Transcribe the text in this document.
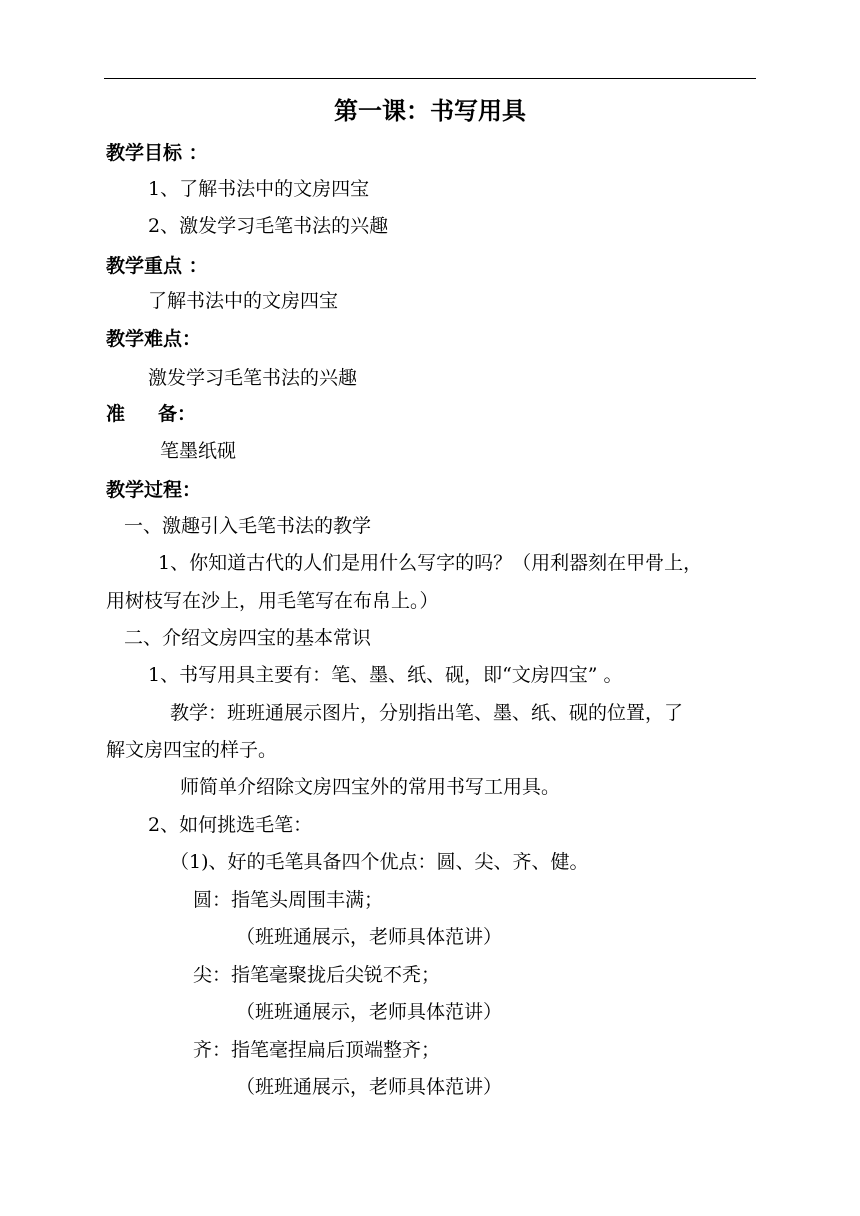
第一课：书写用具
教学目标 ：
1、了解书法中的文房四宝
2、激发学习毛笔书法的兴趣
教学重点 ：
了解书法中的文房四宝
教学难点：
激发学习毛笔书法的兴趣
准 备：
笔墨纸砚
教学过程：
一、激趣引入毛笔书法的教学
1、你知道古代的人们是用什么写字的吗？（用利器刻在甲骨上，
用树枝写在沙上，用毛笔写在布帛上。）
二、介绍文房四宝的基本常识
1、书写用具主要有：笔、墨、纸、砚，即“文房四宝” 。
教学：班班通展示图片，分别指出笔、墨、纸、砚的位置，了
解文房四宝的样子。
师简单介绍除文房四宝外的常用书写工用具。
2、如何挑选毛笔：
（1)、好的毛笔具备四个优点：圆、尖、齐、健。
圆：指笔头周围丰满；
（班班通展示，老师具体范讲）
尖：指笔毫聚拢后尖锐不秃；
（班班通展示，老师具体范讲）
齐：指笔毫捏扁后顶端整齐；
（班班通展示，老师具体范讲）
